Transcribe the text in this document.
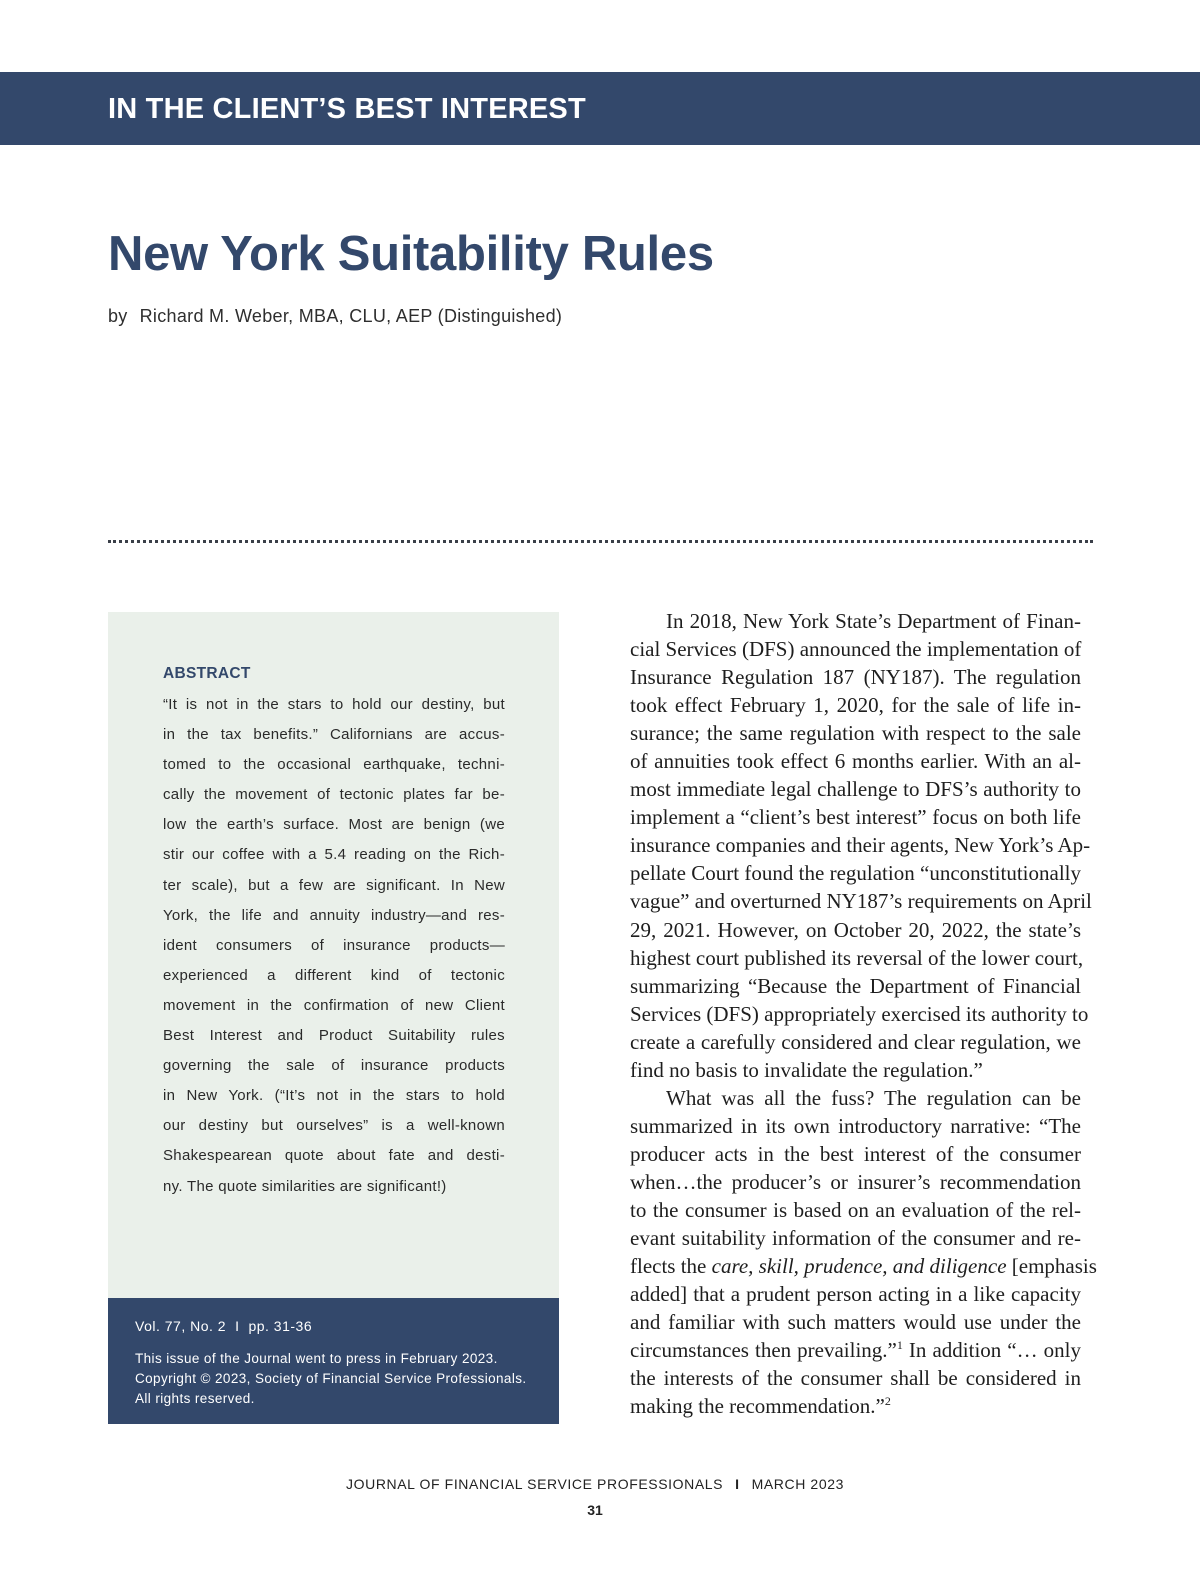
IN THE CLIENT’S BEST INTEREST
New York Suitability Rules
by Richard M. Weber, MBA, CLU, AEP (Distinguished)
ABSTRACT
“It is not in the stars to hold our destiny, but
in the tax benefits.” Californians are accus-
tomed to the occasional earthquake, techni-
cally the movement of tectonic plates far be-
low the earth’s surface. Most are benign (we
stir our coffee with a 5.4 reading on the Rich-
ter scale), but a few are significant. In New
York, the life and annuity industry—and res-
ident consumers of insurance products—
experienced a different kind of tectonic
movement in the confirmation of new Client
Best Interest and Product Suitability rules
governing the sale of insurance products
in New York. (“It’s not in the stars to hold
our destiny but ourselves” is a well-known
Shakespearean quote about fate and desti-
ny. The quote similarities are significant!)
Vol. 77, No. 2 I pp. 31-36
This issue of the Journal went to press in February 2023. Copyright © 2023, Society of Financial Service Professionals. All rights reserved.
In 2018, New York State’s Department of Finan-
cial Services (DFS) announced the implementation of
Insurance Regulation 187 (NY187). The regulation
took effect February 1, 2020, for the sale of life in-
surance; the same regulation with respect to the sale
of annuities took effect 6 months earlier. With an al-
most immediate legal challenge to DFS’s authority to
implement a “client’s best interest” focus on both life
insurance companies and their agents, New York’s Ap-
pellate Court found the regulation “unconstitutionally
vague” and overturned NY187’s requirements on April
29, 2021. However, on October 20, 2022, the state’s
highest court published its reversal of the lower court,
summarizing “Because the Department of Financial
Services (DFS) appropriately exercised its authority to
create a carefully considered and clear regulation, we
find no basis to invalidate the regulation.”
What was all the fuss? The regulation can be
summarized in its own introductory narrative: “The
producer acts in the best interest of the consumer
when…the producer’s or insurer’s recommendation
to the consumer is based on an evaluation of the rel-
evant suitability information of the consumer and re-
flects the care, skill, prudence, and diligence [emphasis
added] that a prudent person acting in a like capacity
and familiar with such matters would use under the
circumstances then prevailing.”$^1$ In addition “… only
the interests of the consumer shall be considered in
making the recommendation.”$^2$
JOURNAL OF FINANCIAL SERVICE PROFESSIONALS I MARCH 2023
31
